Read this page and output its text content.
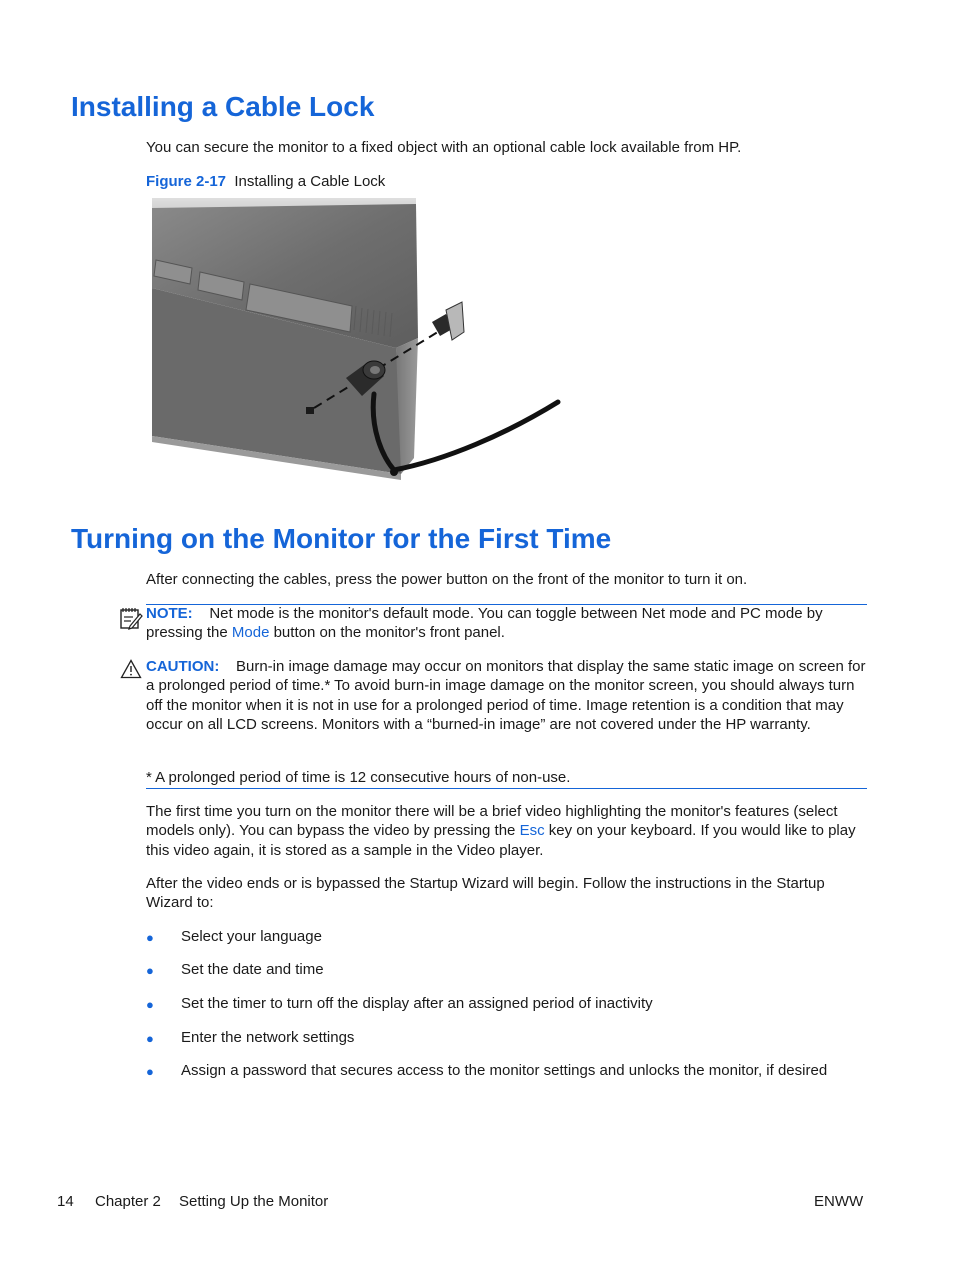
Installing a Cable Lock

You can secure the monitor to a fixed object with an optional cable lock available from HP.

Figure 2-17 Installing a Cable Lock

Turning on the Monitor for the First Time

After connecting the cables, press the power button on the front of the monitor to turn it on.

NOTE: Net mode is the monitor's default mode. You can toggle between Net mode and PC mode by pressing the Mode button on the monitor's front panel.

CAUTION: Burn-in image damage may occur on monitors that display the same static image on screen for a prolonged period of time.* To avoid burn-in image damage on the monitor screen, you should always turn off the monitor when it is not in use for a prolonged period of time. Image retention is a condition that may occur on all LCD screens. Monitors with a “burned-in image” are not covered under the HP warranty.

* A prolonged period of time is 12 consecutive hours of non-use.

The first time you turn on the monitor there will be a brief video highlighting the monitor's features (select models only). You can bypass the video by pressing the Esc key on your keyboard. If you would like to play this video again, it is stored as a sample in the Video player.

After the video ends or is bypassed the Startup Wizard will begin. Follow the instructions in the Startup Wizard to:

●	Select your language

●	Set the date and time

●	Set the timer to turn off the display after an assigned period of inactivity

●	Enter the network settings

●	Assign a password that secures access to the monitor settings and unlocks the monitor, if desired

14 Chapter 2 Setting Up the Monitor	ENWW
